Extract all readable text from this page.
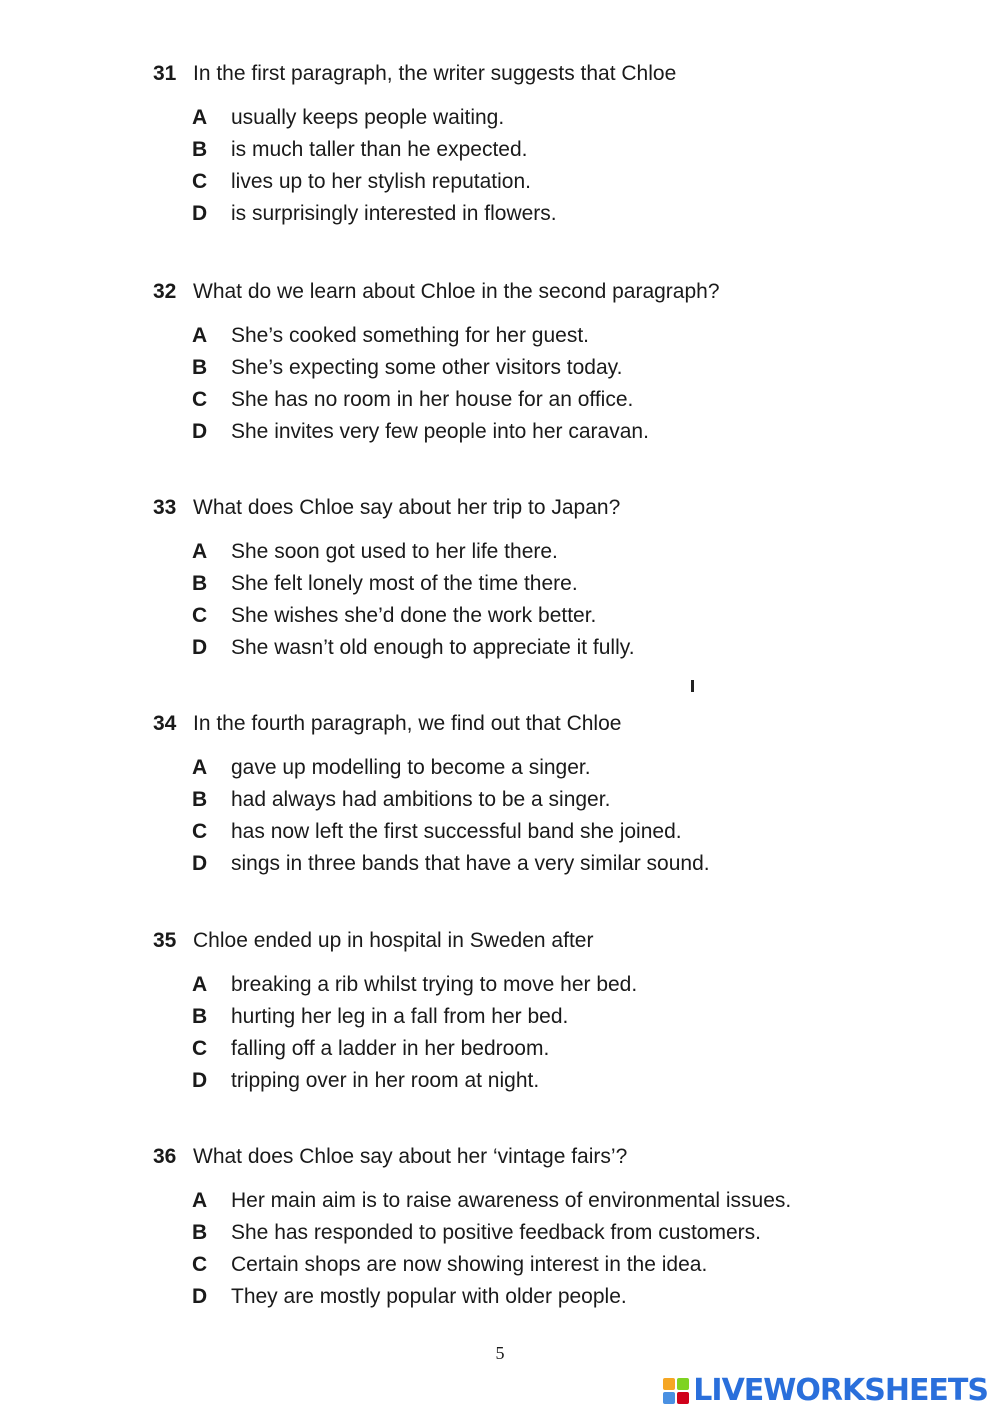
31 In the first paragraph, the writer suggests that Chloe
A	usually keeps people waiting.
B	is much taller than he expected.
C	lives up to her stylish reputation.
D	is surprisingly interested in flowers.
32 What do we learn about Chloe in the second paragraph?
A	She’s cooked something for her guest.
B	She’s expecting some other visitors today.
C	She has no room in her house for an office.
D	She invites very few people into her caravan.
33 What does Chloe say about her trip to Japan?
A	She soon got used to her life there.
B	She felt lonely most of the time there.
C	She wishes she’d done the work better.
D	She wasn’t old enough to appreciate it fully.
34 In the fourth paragraph, we find out that Chloe
A	gave up modelling to become a singer.
B	had always had ambitions to be a singer.
C	has now left the first successful band she joined.
D	sings in three bands that have a very similar sound.
35 Chloe ended up in hospital in Sweden after
A	breaking a rib whilst trying to move her bed.
B	hurting her leg in a fall from her bed.
C	falling off a ladder in her bedroom.
D	tripping over in her room at night.
36 What does Chloe say about her ‘vintage fairs’?
A	Her main aim is to raise awareness of environmental issues.
B	She has responded to positive feedback from customers.
C	Certain shops are now showing interest in the idea.
D	They are mostly popular with older people.
5
LIVEWORKSHEETS
